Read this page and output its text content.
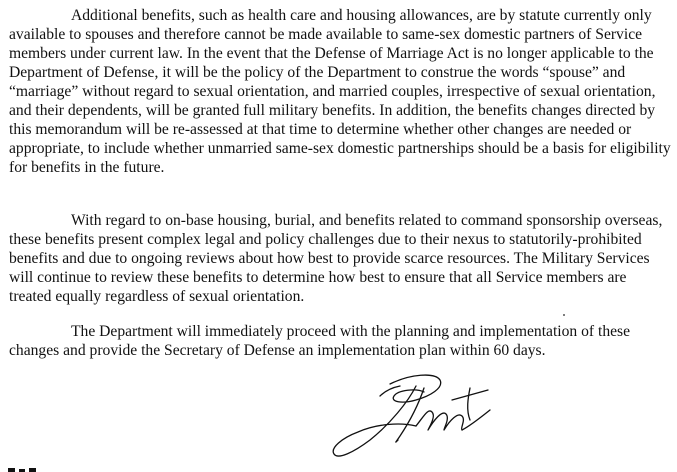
Additional benefits, such as health care and housing allowances, are by statute currently only available to spouses and therefore cannot be made available to same-sex domestic partners of Service members under current law. In the event that the Defense of Marriage Act is no longer applicable to the Department of Defense, it will be the policy of the Department to construe the words “spouse” and “marriage” without regard to sexual orientation, and married couples, irrespective of sexual orientation, and their dependents, will be granted full military benefits. In addition, the benefits changes directed by this memorandum will be re-assessed at that time to determine whether other changes are needed or appropriate, to include whether unmarried same-sex domestic partnerships should be a basis for eligibility for benefits in the future.

With regard to on-base housing, burial, and benefits related to command sponsorship overseas, these benefits present complex legal and policy challenges due to their nexus to statutorily-prohibited benefits and due to ongoing reviews about how best to provide scarce resources. The Military Services will continue to review these benefits to determine how best to ensure that all Service members are treated equally regardless of sexual orientation.

The Department will immediately proceed with the planning and implementation of these changes and provide the Secretary of Defense an implementation plan within 60 days.
